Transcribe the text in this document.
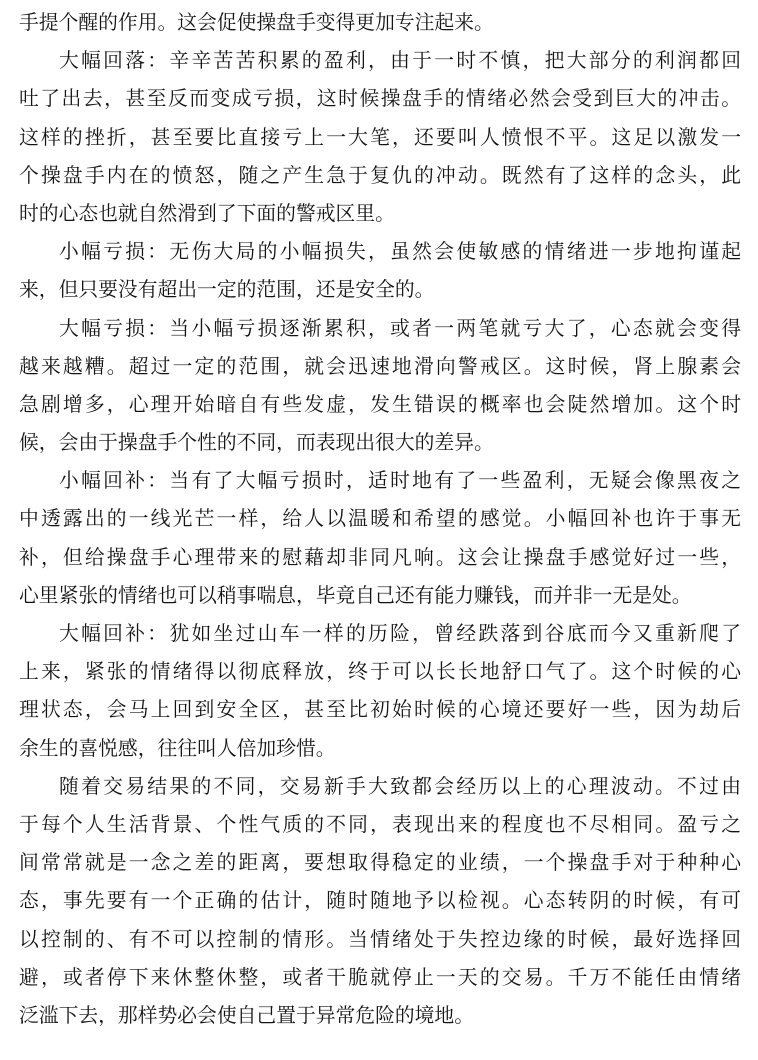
手提个醒的作用。这会促使操盘手变得更加专注起来。
大幅回落：辛辛苦苦积累的盈利，由于一时不慎，把大部分的利润都回
吐了出去，甚至反而变成亏损，这时候操盘手的情绪必然会受到巨大的冲击。
这样的挫折，甚至要比直接亏上一大笔，还要叫人愤恨不平。这足以激发一
个操盘手内在的愤怒，随之产生急于复仇的冲动。既然有了这样的念头，此
时的心态也就自然滑到了下面的警戒区里。
小幅亏损：无伤大局的小幅损失，虽然会使敏感的情绪进一步地拘谨起
来，但只要没有超出一定的范围，还是安全的。
大幅亏损：当小幅亏损逐渐累积，或者一两笔就亏大了，心态就会变得
越来越糟。超过一定的范围，就会迅速地滑向警戒区。这时候，肾上腺素会
急剧增多，心理开始暗自有些发虚，发生错误的概率也会陡然增加。这个时
候，会由于操盘手个性的不同，而表现出很大的差异。
小幅回补：当有了大幅亏损时，适时地有了一些盈利，无疑会像黑夜之
中透露出的一线光芒一样，给人以温暖和希望的感觉。小幅回补也许于事无
补，但给操盘手心理带来的慰藉却非同凡响。这会让操盘手感觉好过一些，
心里紧张的情绪也可以稍事喘息，毕竟自己还有能力赚钱，而并非一无是处。
大幅回补：犹如坐过山车一样的历险，曾经跌落到谷底而今又重新爬了
上来，紧张的情绪得以彻底释放，终于可以长长地舒口气了。这个时候的心
理状态，会马上回到安全区，甚至比初始时候的心境还要好一些，因为劫后
余生的喜悦感，往往叫人倍加珍惜。
随着交易结果的不同，交易新手大致都会经历以上的心理波动。不过由
于每个人生活背景、个性气质的不同，表现出来的程度也不尽相同。盈亏之
间常常就是一念之差的距离，要想取得稳定的业绩，一个操盘手对于种种心
态，事先要有一个正确的估计，随时随地予以检视。心态转阴的时候，有可
以控制的、有不可以控制的情形。当情绪处于失控边缘的时候，最好选择回
避，或者停下来休整休整，或者干脆就停止一天的交易。千万不能任由情绪
泛滥下去，那样势必会使自己置于异常危险的境地。
